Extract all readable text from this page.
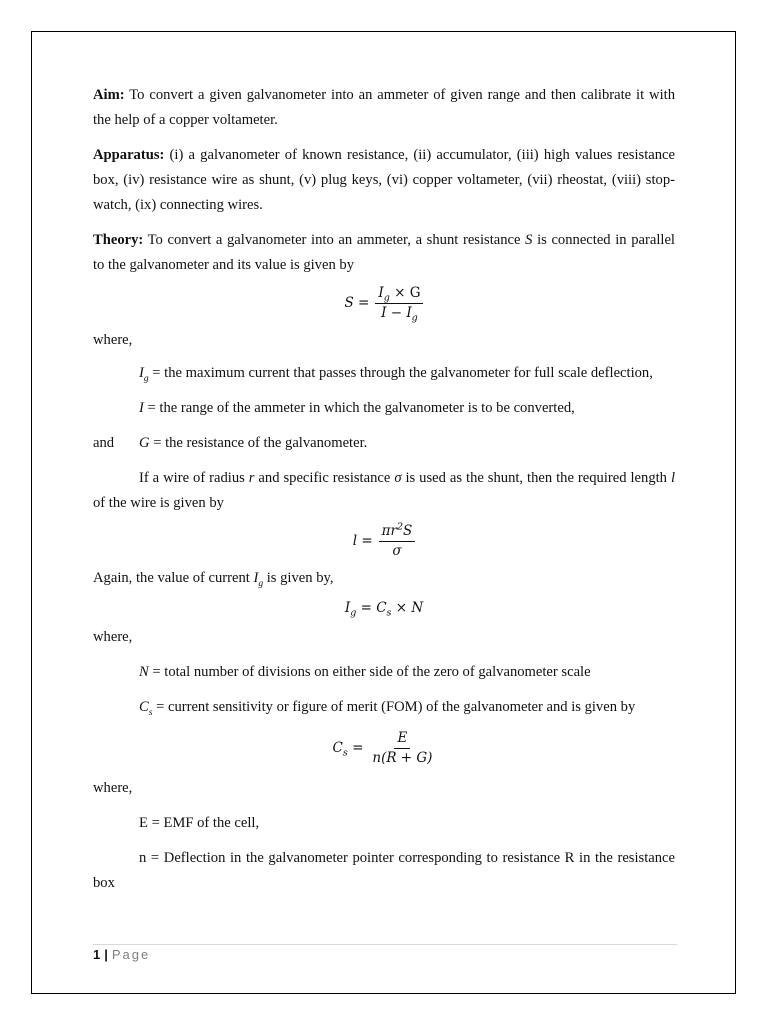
Aim: To convert a given galvanometer into an ammeter of given range and then calibrate it with the help of a copper voltameter.

Apparatus: (i) a galvanometer of known resistance, (ii) accumulator, (iii) high values resistance box, (iv) resistance wire as shunt, (v) plug keys, (vi) copper voltameter, (vii) rheostat, (viii) stop-watch, (ix) connecting wires.

Theory: To convert a galvanometer into an ammeter, a shunt resistance S is connected in parallel to the galvanometer and its value is given by

$S = \frac{I_g \times G}{I - I_g}$

where,

$I_g$ = the maximum current that passes through the galvanometer for full scale deflection,

I = the range of the ammeter in which the galvanometer is to be converted,

and	G = the resistance of the galvanometer.

If a wire of radius r and specific resistance σ is used as the shunt, then the required length l of the wire is given by

$l = \frac{\pi r^2S}{\sigma}$

Again, the value of current $I_g$ is given by,

$I_g = C_s \times N$

where,

N = total number of divisions on either side of the zero of galvanometer scale

$C_s$ = current sensitivity or figure of merit (FOM) of the galvanometer and is given by

$C_s = \frac{E}{n(R + G)}$

where,

E = EMF of the cell,

n = Deflection in the galvanometer pointer corresponding to resistance R in the resistance box

1 | Page
